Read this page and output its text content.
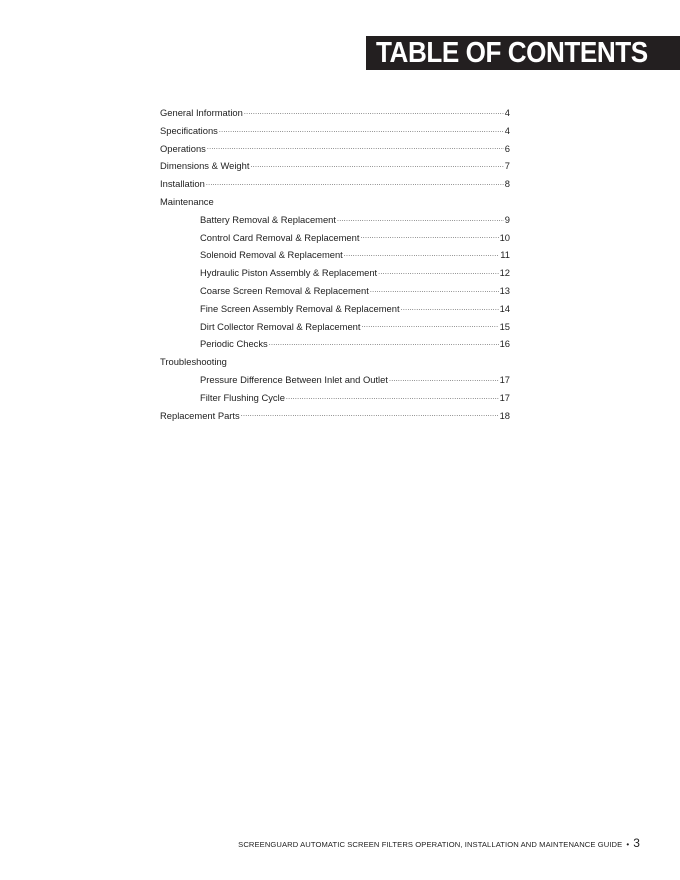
TABLE OF CONTENTS
General Information .....	4
Specifications .....	4
Operations .....	6
Dimensions & Weight .....	7
Installation .....	8
Maintenance
Battery Removal & Replacement .....	9
Control Card Removal & Replacement .....	10
Solenoid Removal & Replacement .....	11
Hydraulic Piston Assembly & Replacement .....	12
Coarse Screen Removal & Replacement .....	13
Fine Screen Assembly Removal & Replacement .....	14
Dirt Collector Removal & Replacement .....	15
Periodic Checks .....	16
Troubleshooting
Pressure Difference Between Inlet and Outlet .....	17
Filter Flushing Cycle .....	17
Replacement Parts .....	18
SCREENGUARD AUTOMATIC SCREEN FILTERS OPERATION, INSTALLATION AND MAINTENANCE GUIDE • 3
